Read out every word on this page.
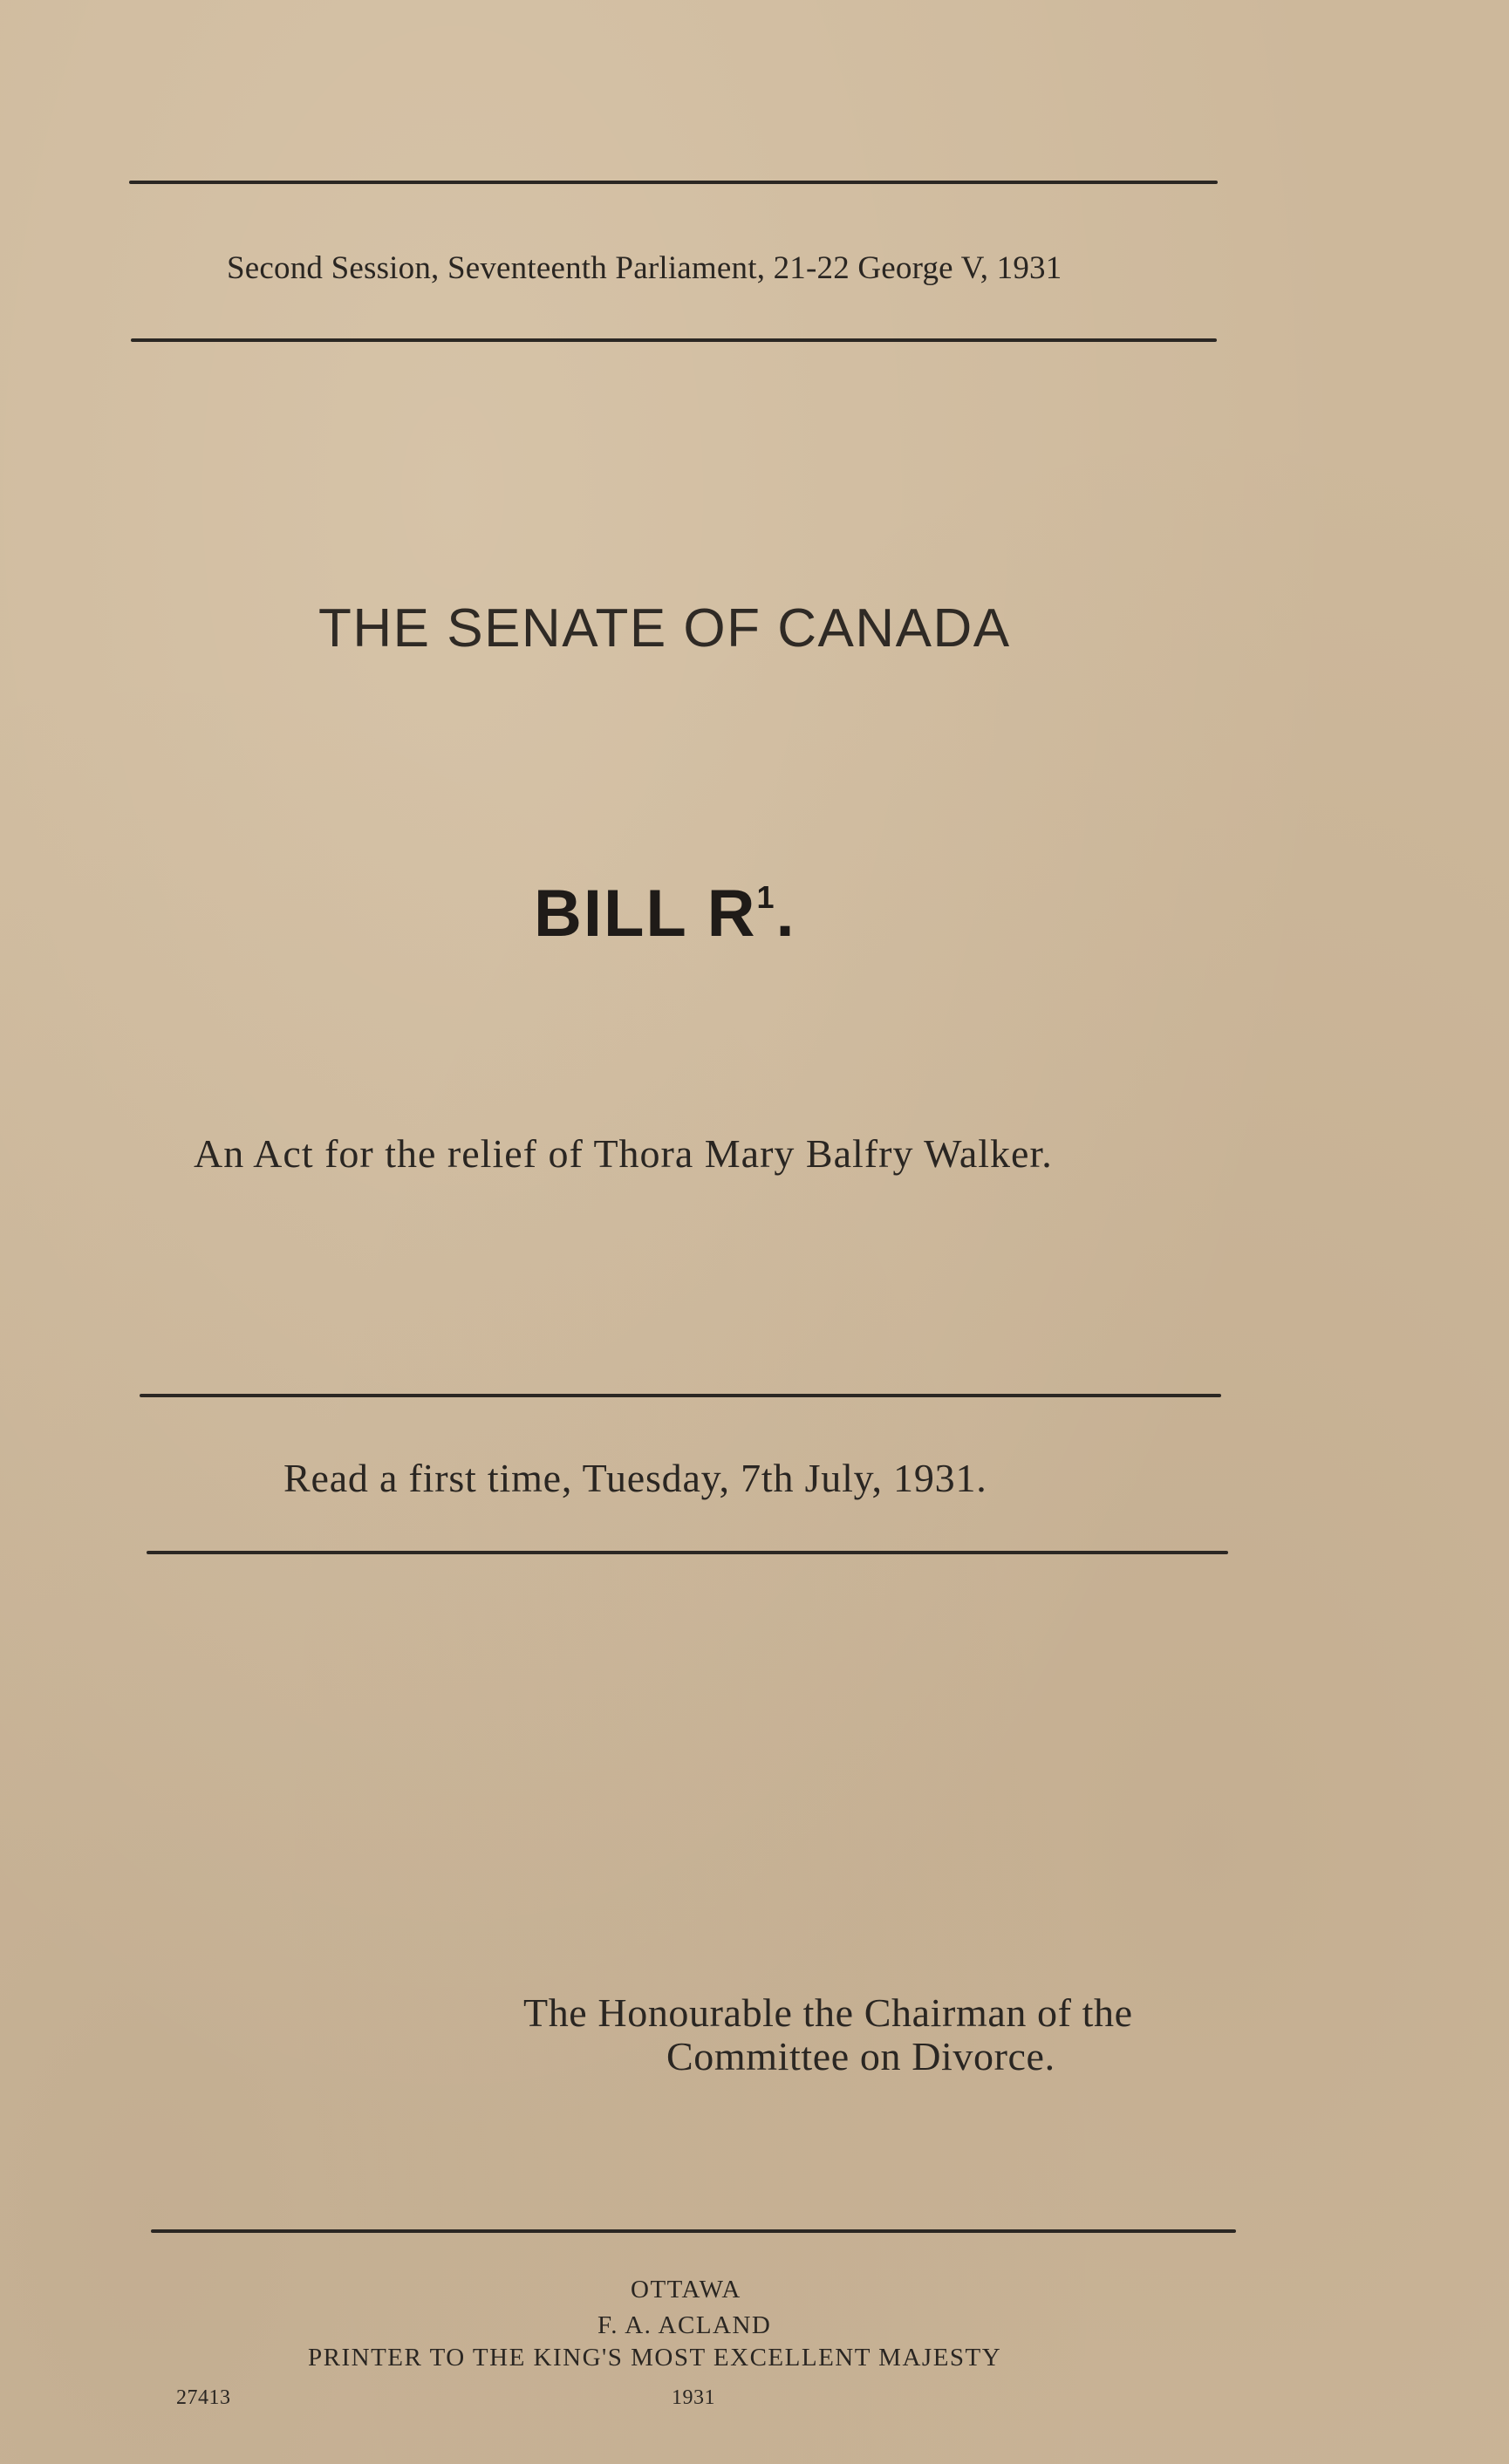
Second Session, Seventeenth Parliament, 21-22 George V, 1931
THE SENATE OF CANADA
BILL $R^1$.
An Act for the relief of Thora Mary Balfry Walker.
Read a first time, Tuesday, 7th July, 1931.
The Honourable the Chairman of the
Committee on Divorce.
OTTAWA
F. A. ACLAND
PRINTER TO THE KING'S MOST EXCELLENT MAJESTY
27413	1931
